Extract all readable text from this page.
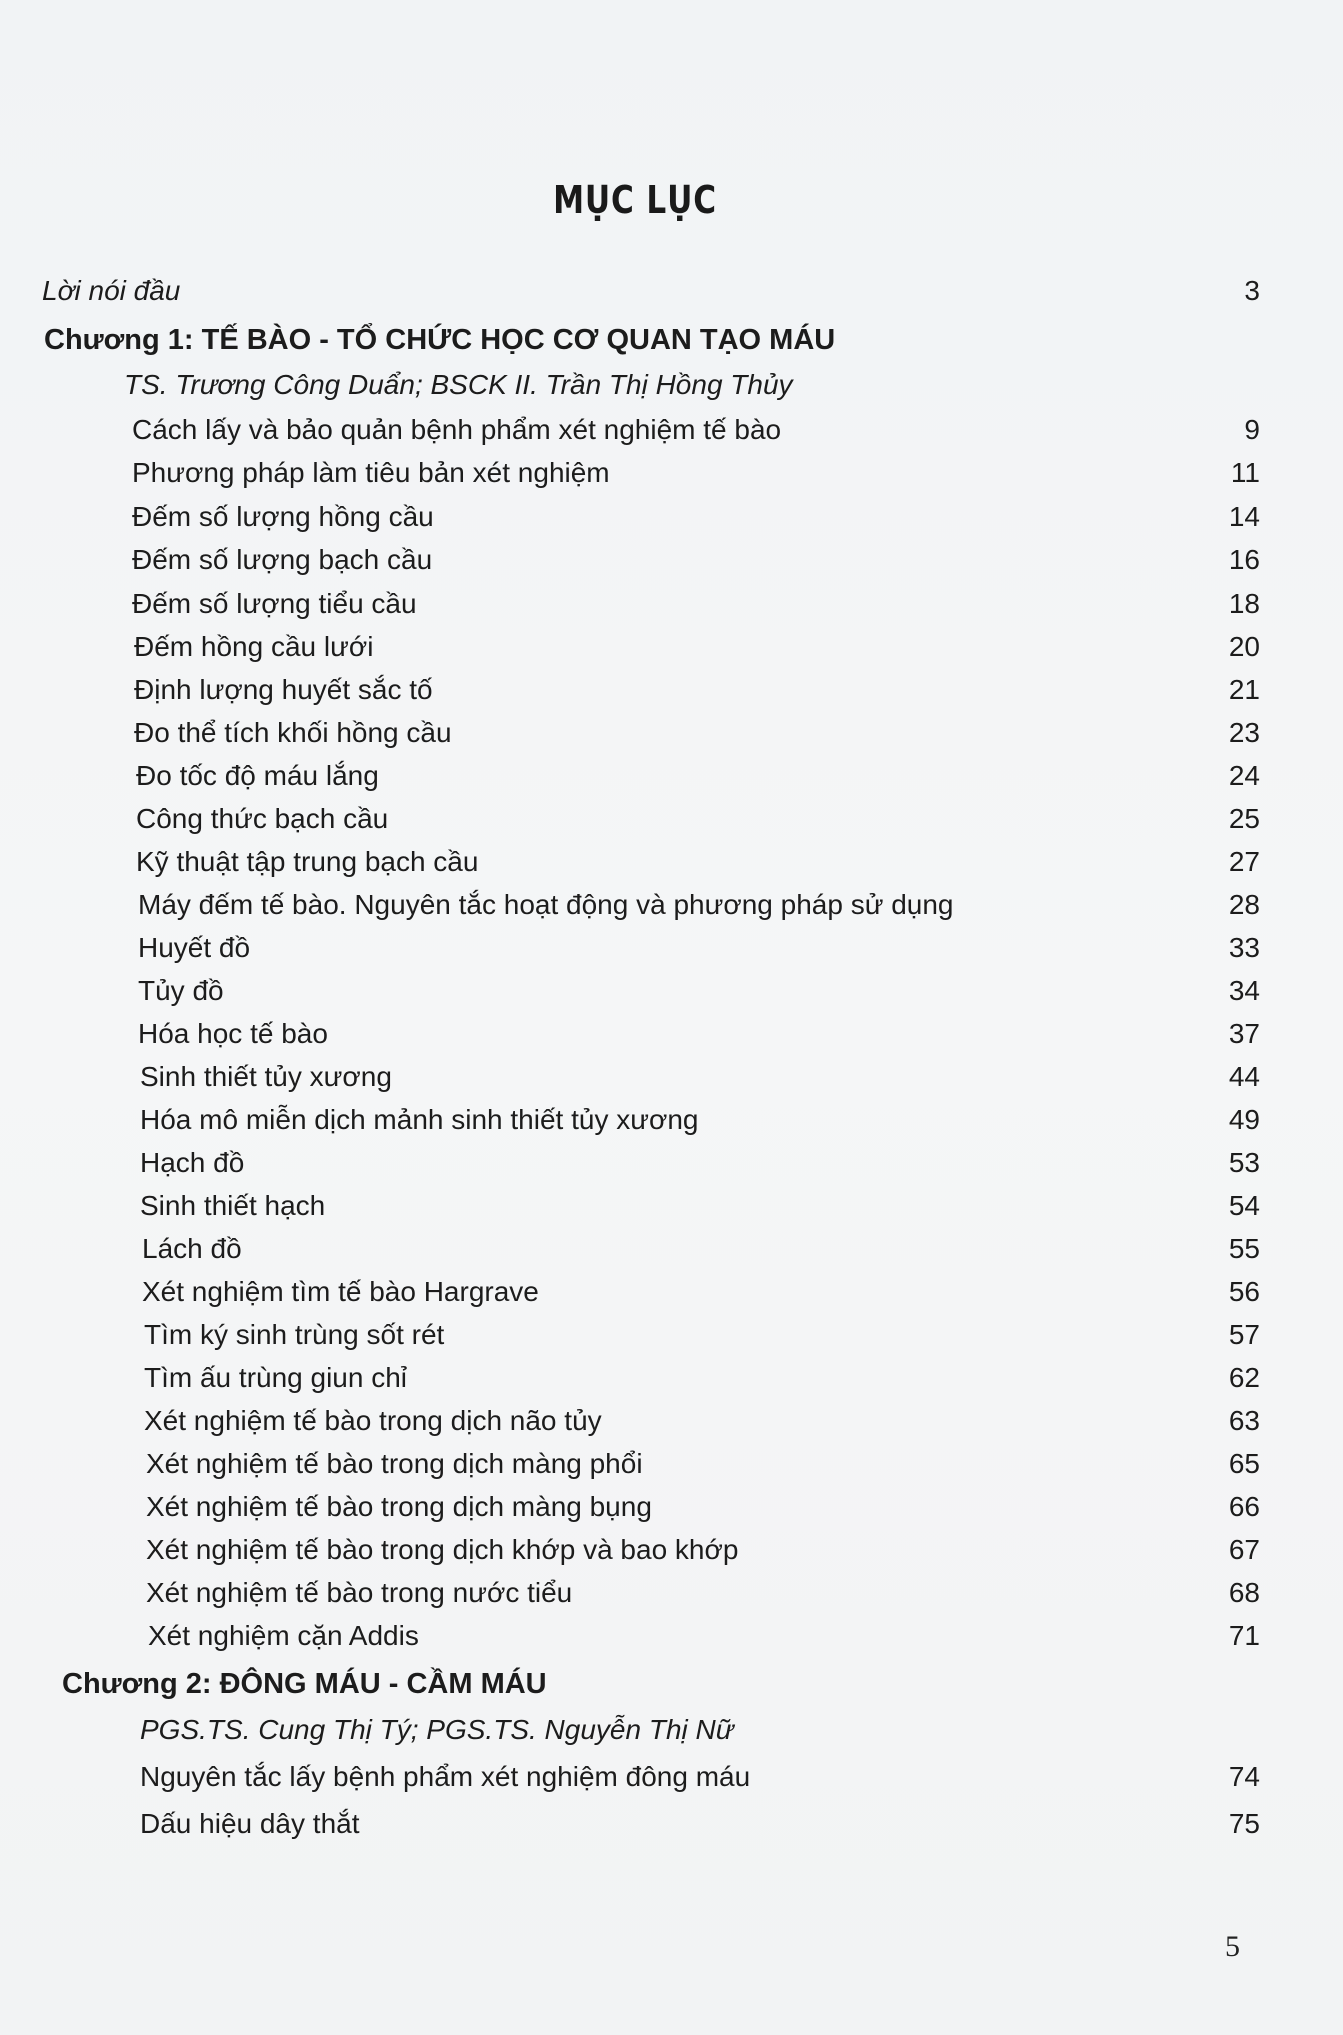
MỤC LỤC
Lời nói đầu	3
Chương 1: TẾ BÀO - TỔ CHỨC HỌC CƠ QUAN TẠO MÁU
TS. Trương Công Duẩn; BSCK II. Trần Thị Hồng Thủy
Cách lấy và bảo quản bệnh phẩm xét nghiệm tế bào	9
Phương pháp làm tiêu bản xét nghiệm	11
Đếm số lượng hồng cầu	14
Đếm số lượng bạch cầu	16
Đếm số lượng tiểu cầu	18
Đếm hồng cầu lưới	20
Định lượng huyết sắc tố	21
Đo thể tích khối hồng cầu	23
Đo tốc độ máu lắng	24
Công thức bạch cầu	25
Kỹ thuật tập trung bạch cầu	27
Máy đếm tế bào. Nguyên tắc hoạt động và phương pháp sử dụng	28
Huyết đồ	33
Tủy đồ	34
Hóa học tế bào	37
Sinh thiết tủy xương	44
Hóa mô miễn dịch mảnh sinh thiết tủy xương	49
Hạch đồ	53
Sinh thiết hạch	54
Lách đồ	55
Xét nghiệm tìm tế bào Hargrave	56
Tìm ký sinh trùng sốt rét	57
Tìm ấu trùng giun chỉ	62
Xét nghiệm tế bào trong dịch não tủy	63
Xét nghiệm tế bào trong dịch màng phổi	65
Xét nghiệm tế bào trong dịch màng bụng	66
Xét nghiệm tế bào trong dịch khớp và bao khớp	67
Xét nghiệm tế bào trong nước tiểu	68
Xét nghiệm cặn Addis	71
Chương 2: ĐÔNG MÁU - CẦM MÁU
PGS.TS. Cung Thị Tý; PGS.TS. Nguyễn Thị Nữ
Nguyên tắc lấy bệnh phẩm xét nghiệm đông máu	74
Dấu hiệu dây thắt	75
5
